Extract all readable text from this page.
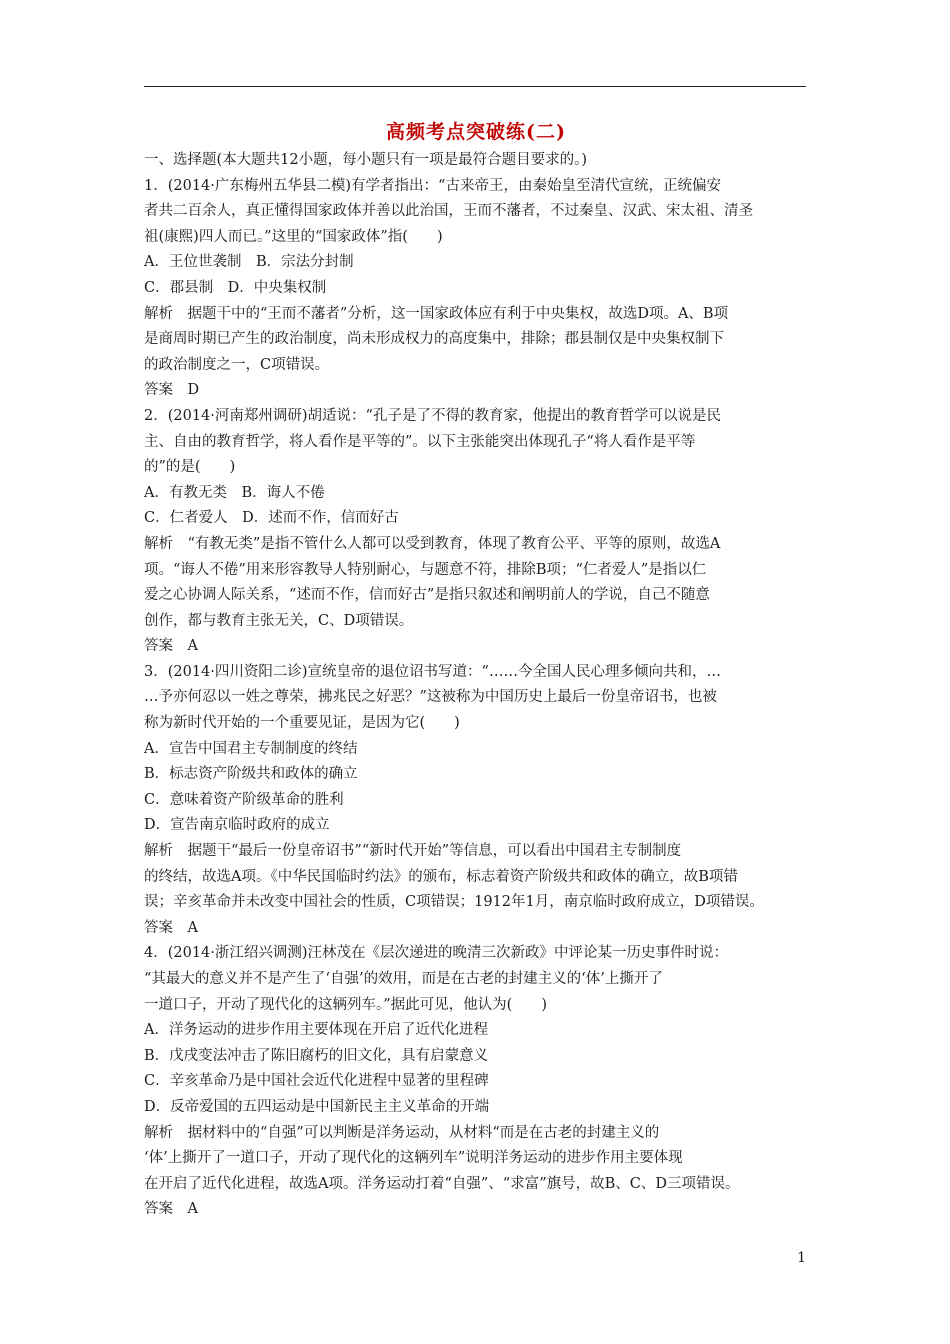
高频考点突破练(二)
一、选择题(本大题共12小题，每小题只有一项是最符合题目要求的。)
1．(2014·广东梅州五华县二模)有学者指出：“古来帝王，由秦始皇至清代宣统，正统偏安
者共二百余人，真正懂得国家政体并善以此治国，王而不藩者，不过秦皇、汉武、宋太祖、清圣
祖(康熙)四人而已。”这里的“国家政体”指(　　)
A．王位世袭制　B．宗法分封制
C．郡县制　D．中央集权制
解析　据题干中的“王而不藩者”分析，这一国家政体应有利于中央集权，故选D项。A、B项
是商周时期已产生的政治制度，尚未形成权力的高度集中，排除；郡县制仅是中央集权制下
的政治制度之一，C项错误。
答案　D
2．(2014·河南郑州调研)胡适说：“孔子是了不得的教育家，他提出的教育哲学可以说是民
主、自由的教育哲学，将人看作是平等的”。以下主张能突出体现孔子“将人看作是平等
的”的是(　　)
A．有教无类　B．诲人不倦
C．仁者爱人　D．述而不作，信而好古
解析　“有教无类”是指不管什么人都可以受到教育，体现了教育公平、平等的原则，故选A
项。“诲人不倦”用来形容教导人特别耐心，与题意不符，排除B项；“仁者爱人”是指以仁
爱之心协调人际关系，“述而不作，信而好古”是指只叙述和阐明前人的学说，自己不随意
创作，都与教育主张无关，C、D项错误。
答案　A
3．(2014·四川资阳二诊)宣统皇帝的退位诏书写道：“……今全国人民心理多倾向共和，…
…予亦何忍以一姓之尊荣，拂兆民之好恶？”这被称为中国历史上最后一份皇帝诏书，也被
称为新时代开始的一个重要见证，是因为它(　　)
A．宣告中国君主专制制度的终结
B．标志资产阶级共和政体的确立
C．意味着资产阶级革命的胜利
D．宣告南京临时政府的成立
解析　据题干“最后一份皇帝诏书”“新时代开始”等信息，可以看出中国君主专制制度
的终结，故选A项。《中华民国临时约法》的颁布，标志着资产阶级共和政体的确立，故B项错
误；辛亥革命并未改变中国社会的性质，C项错误；1912年1月，南京临时政府成立，D项错误。
答案　A
4．(2014·浙江绍兴调测)汪林茂在《层次递进的晚清三次新政》中评论某一历史事件时说：
“其最大的意义并不是产生了‘自强’的效用，而是在古老的封建主义的‘体’上撕开了
一道口子，开动了现代化的这辆列车。”据此可见，他认为(　　)
A．洋务运动的进步作用主要体现在开启了近代化进程
B．戊戌变法冲击了陈旧腐朽的旧文化，具有启蒙意义
C．辛亥革命乃是中国社会近代化进程中显著的里程碑
D．反帝爱国的五四运动是中国新民主主义革命的开端
解析　据材料中的“自强”可以判断是洋务运动，从材料“而是在古老的封建主义的
‘体’上撕开了一道口子，开动了现代化的这辆列车”说明洋务运动的进步作用主要体现
在开启了近代化进程，故选A项。洋务运动打着“自强”、“求富”旗号，故B、C、D三项错误。
答案　A
1
